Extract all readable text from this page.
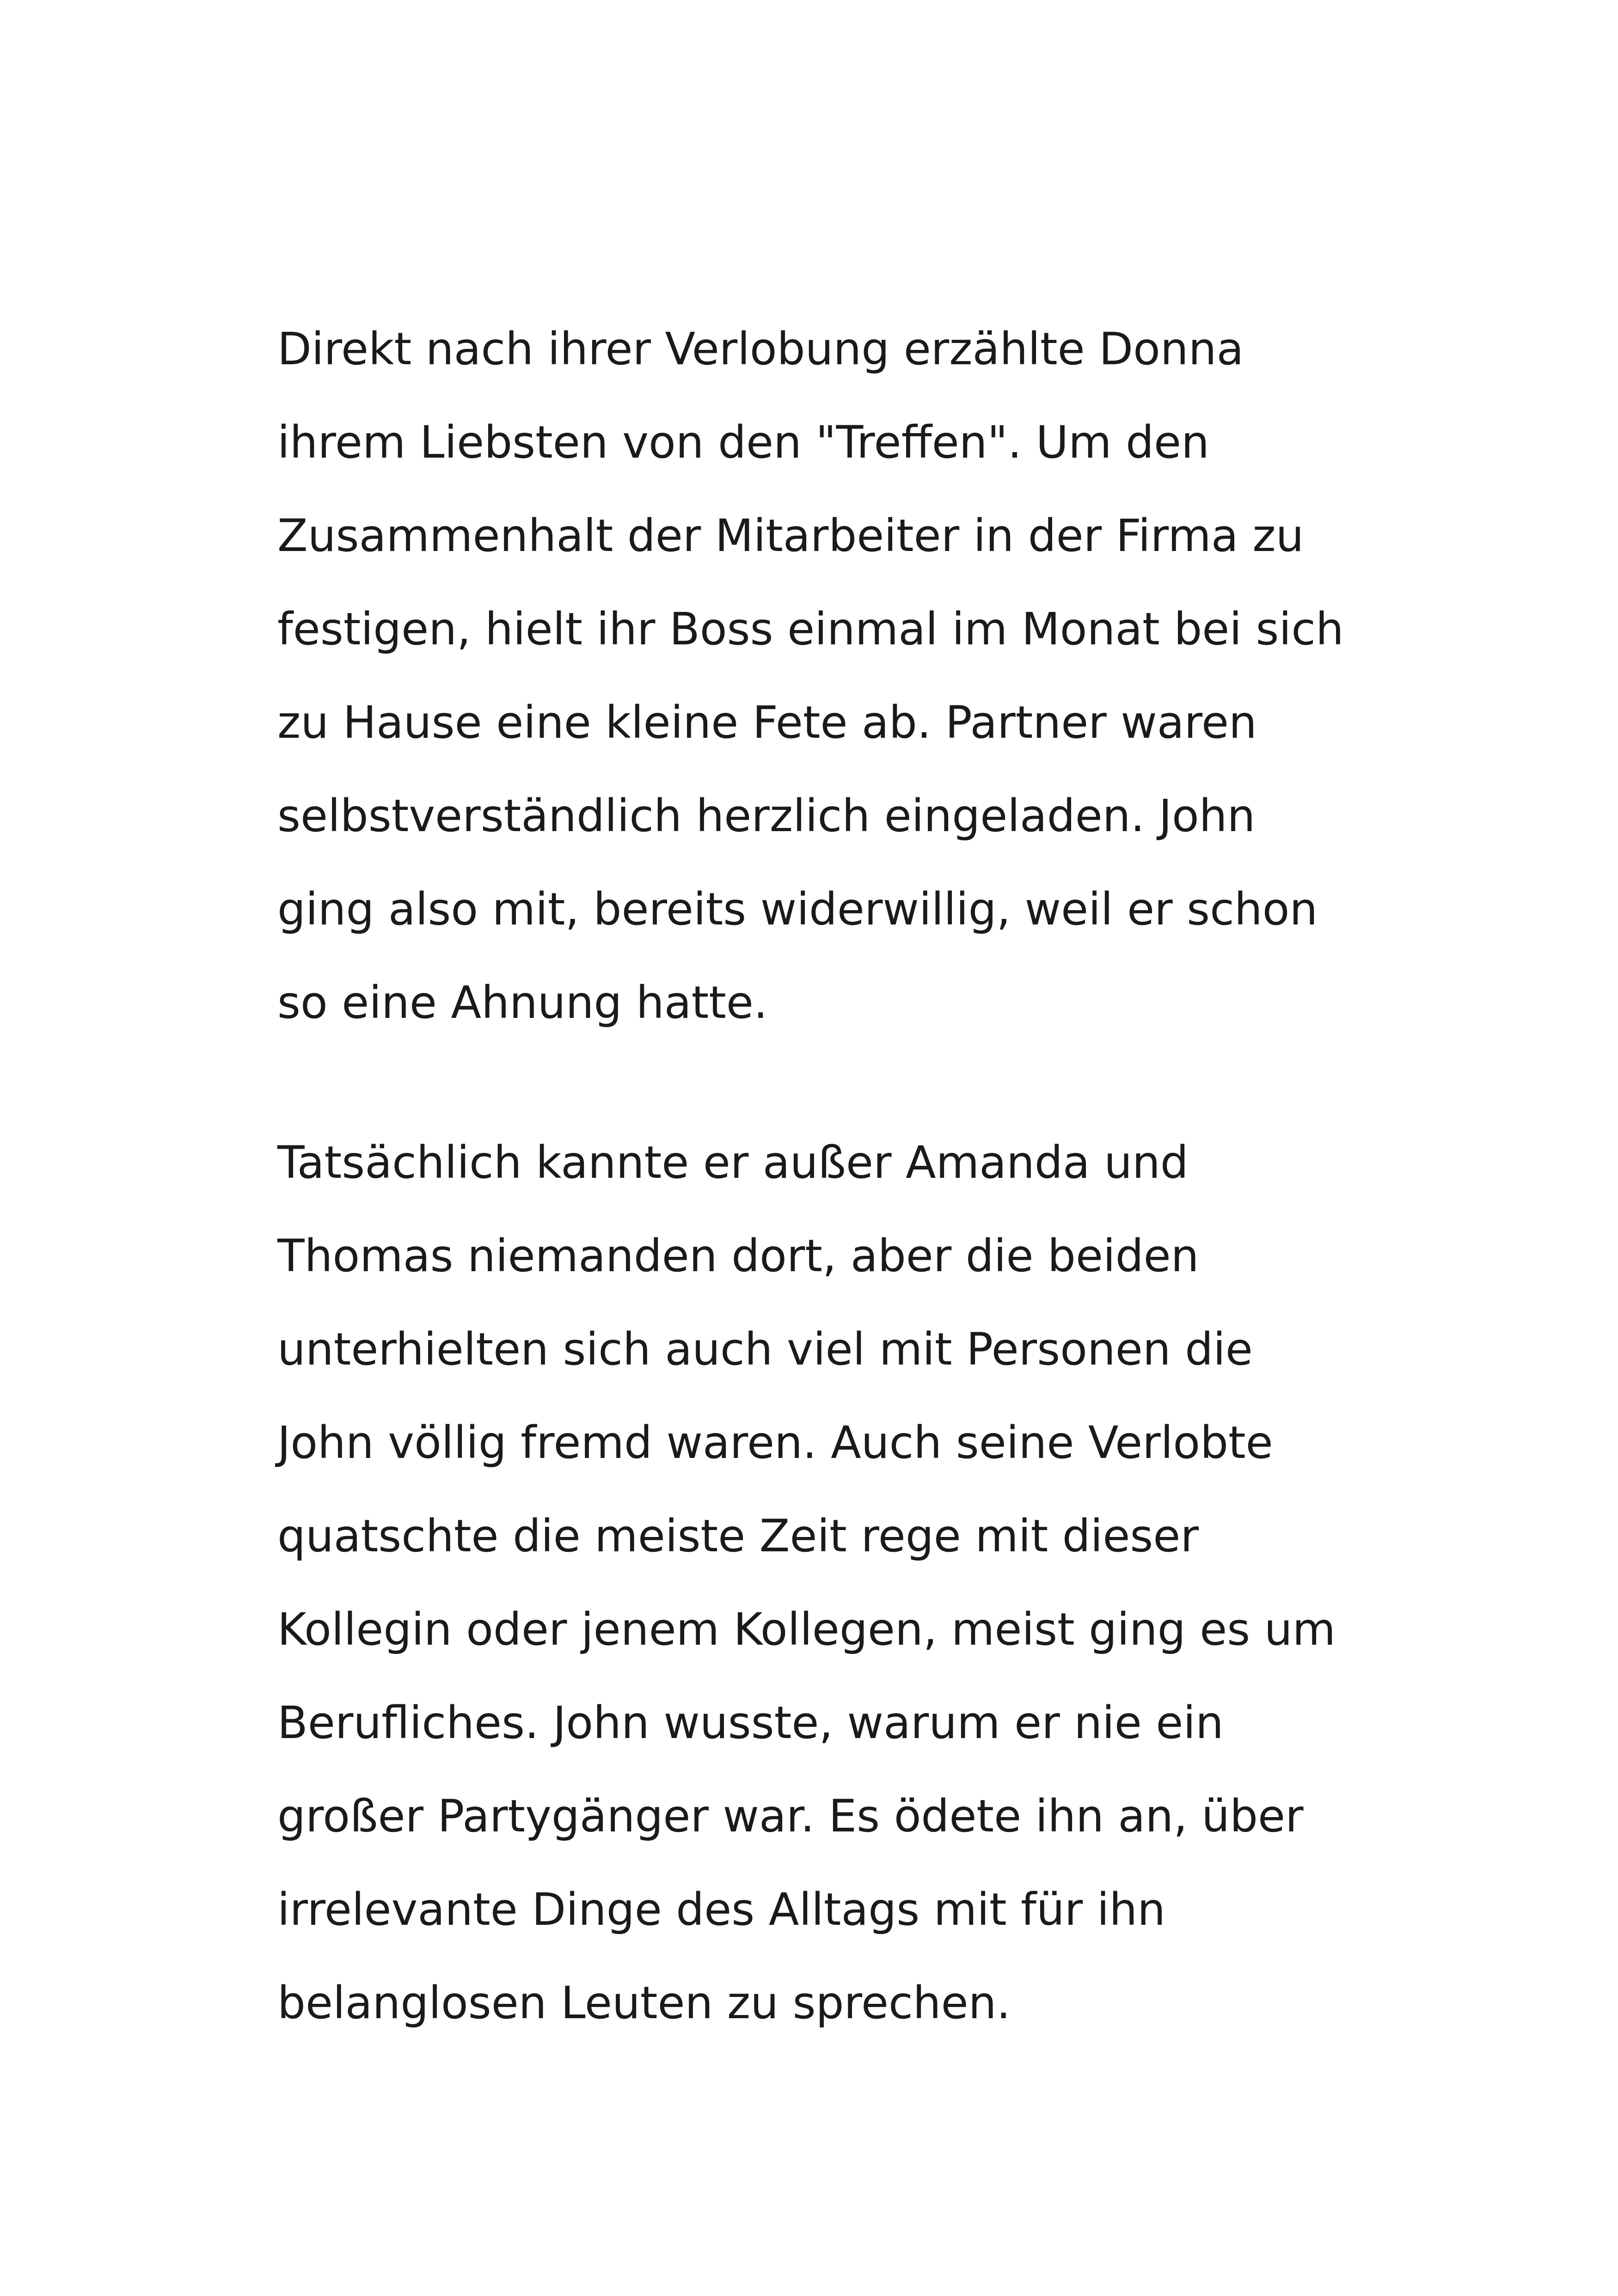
Direkt nach ihrer Verlobung erzählte Donna
ihrem Liebsten von den "Treffen". Um den
Zusammenhalt der Mitarbeiter in der Firma zu
festigen, hielt ihr Boss einmal im Monat bei sich
zu Hause eine kleine Fete ab. Partner waren
selbstverständlich herzlich eingeladen. John
ging also mit, bereits widerwillig, weil er schon
so eine Ahnung hatte.
Tatsächlich kannte er außer Amanda und
Thomas niemanden dort, aber die beiden
unterhielten sich auch viel mit Personen die
John völlig fremd waren. Auch seine Verlobte
quatschte die meiste Zeit rege mit dieser
Kollegin oder jenem Kollegen, meist ging es um
Berufliches. John wusste, warum er nie ein
großer Partygänger war. Es ödete ihn an, über
irrelevante Dinge des Alltags mit für ihn
belanglosen Leuten zu sprechen.
